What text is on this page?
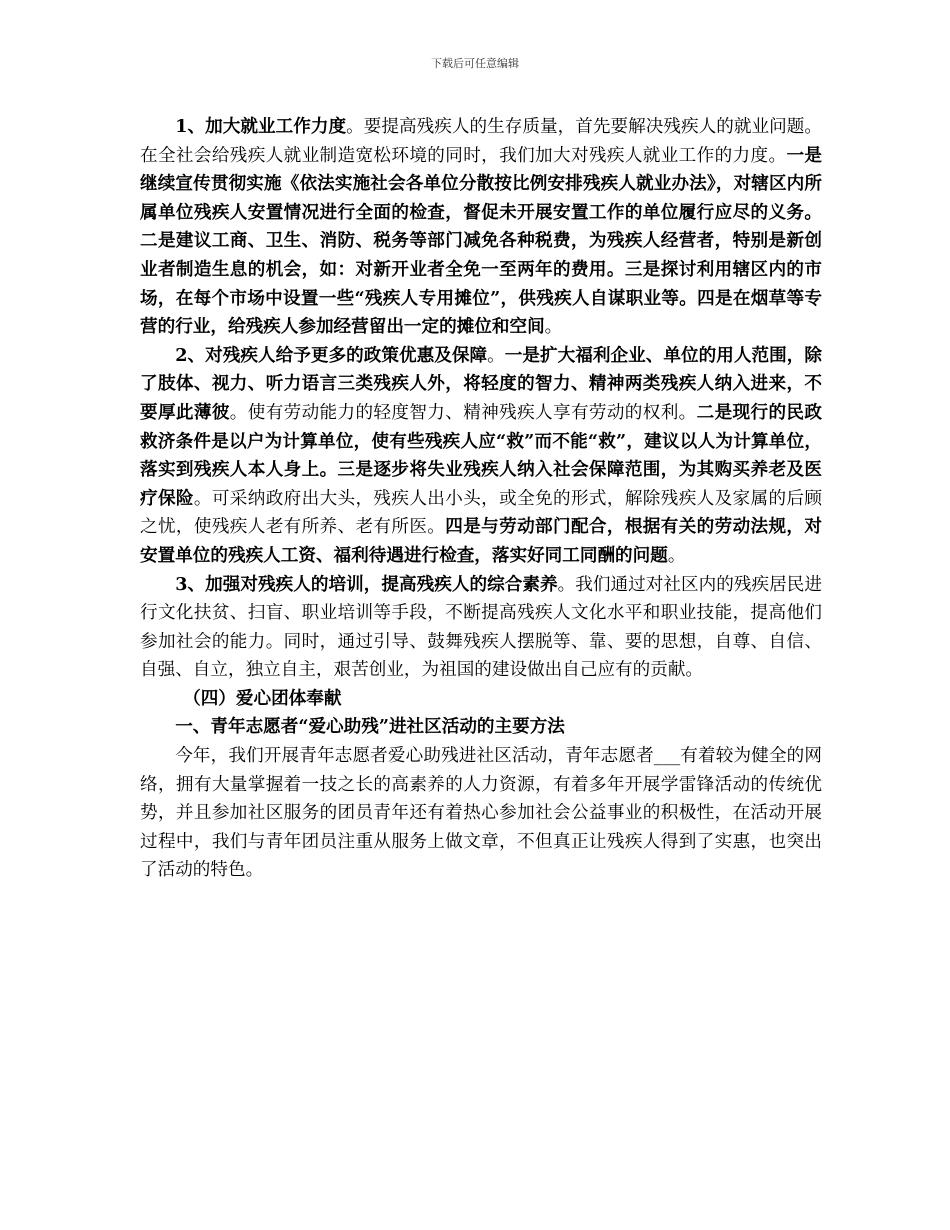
下载后可任意编辑

1、加大就业工作力度。要提高残疾人的生存质量，首先要解决残疾人的就业问题。在全社会给残疾人就业制造宽松环境的同时，我们加大对残疾人就业工作的力度。一是继续宣传贯彻实施《依法实施社会各单位分散按比例安排残疾人就业办法》，对辖区内所属单位残疾人安置情况进行全面的检查，督促未开展安置工作的单位履行应尽的义务。二是建议工商、卫生、消防、税务等部门减免各种税费，为残疾人经营者，特别是新创业者制造生息的机会，如：对新开业者全免一至两年的费用。三是探讨利用辖区内的市场，在每个市场中设置一些“残疾人专用摊位”，供残疾人自谋职业等。四是在烟草等专营的行业，给残疾人参加经营留出一定的摊位和空间。

2、对残疾人给予更多的政策优惠及保障。一是扩大福利企业、单位的用人范围，除了肢体、视力、听力语言三类残疾人外，将轻度的智力、精神两类残疾人纳入进来，不要厚此薄彼。使有劳动能力的轻度智力、精神残疾人享有劳动的权利。二是现行的民政救济条件是以户为计算单位，使有些残疾人应“救”而不能“救”，建议以人为计算单位，落实到残疾人本人身上。三是逐步将失业残疾人纳入社会保障范围，为其购买养老及医疗保险。可采纳政府出大头，残疾人出小头，或全免的形式，解除残疾人及家属的后顾之忧，使残疾人老有所养、老有所医。四是与劳动部门配合，根据有关的劳动法规，对安置单位的残疾人工资、福利待遇进行检查，落实好同工同酬的问题。

3、加强对残疾人的培训，提高残疾人的综合素养。我们通过对社区内的残疾居民进行文化扶贫、扫盲、职业培训等手段，不断提高残疾人文化水平和职业技能，提高他们参加社会的能力。同时，通过引导、鼓舞残疾人摆脱等、靠、要的思想，自尊、自信、自强、自立，独立自主，艰苦创业，为祖国的建设做出自己应有的贡献。

（四）爱心团体奉献

一、青年志愿者“爱心助残”进社区活动的主要方法

今年，我们开展青年志愿者爱心助残进社区活动，青年志愿者___有着较为健全的网络，拥有大量掌握着一技之长的高素养的人力资源，有着多年开展学雷锋活动的传统优势，并且参加社区服务的团员青年还有着热心参加社会公益事业的积极性，在活动开展过程中，我们与青年团员注重从服务上做文章，不但真正让残疾人得到了实惠，也突出了活动的特色。
